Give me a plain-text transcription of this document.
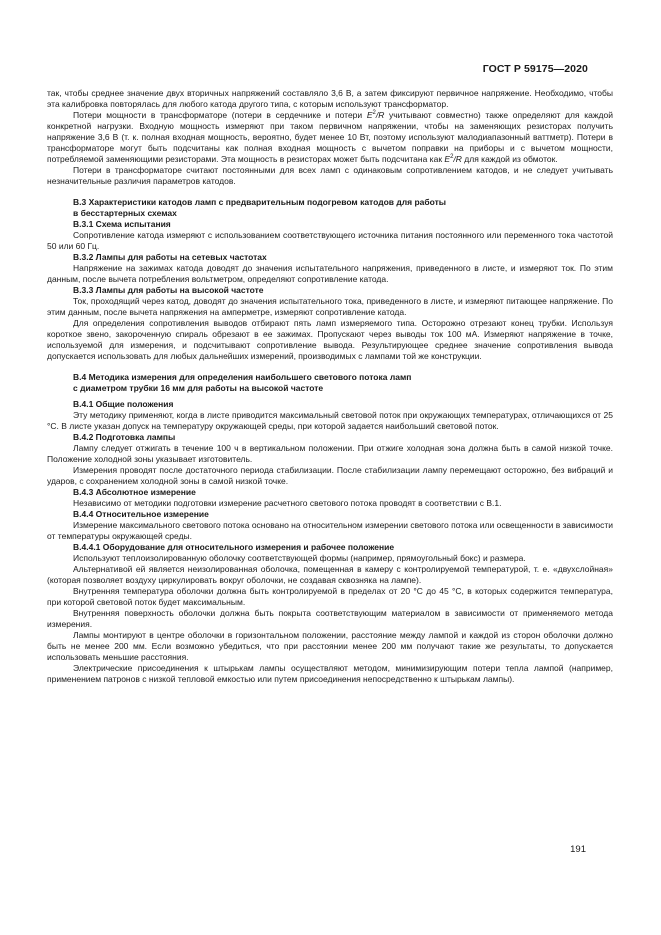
ГОСТ Р 59175—2020

так, чтобы среднее значение двух вторичных напряжений составляло 3,6 В, а затем фиксируют первичное напряжение. Необходимо, чтобы эта калибровка повторялась для любого катода другого типа, с которым используют трансформатор.

Потери мощности в трансформаторе (потери в сердечнике и потери $E^2/R$ учитывают совместно) также определяют для каждой конкретной нагрузки. Входную мощность измеряют при таком первичном напряжении, чтобы на заменяющих резисторах получить напряжение 3,6 В (т. к. полная входная мощность, вероятно, будет менее 10 Вт, поэтому используют малодиапазонный ваттметр). Потери в трансформаторе могут быть подсчитаны как полная входная мощность с вычетом поправки на приборы и с вычетом мощности, потребляемой заменяющими резисторами. Эта мощность в резисторах может быть подсчитана как $E^2/R$ для каждой из обмоток.

Потери в трансформаторе считают постоянными для всех ламп с одинаковым сопротивлением катодов, и не следует учитывать незначительные различия параметров катодов.

В.3 Характеристики катодов ламп с предварительным подогревом катодов для работы
в бесстартерных схемах
В.3.1 Схема испытания

Сопротивление катода измеряют с использованием соответствующего источника питания постоянного или переменного тока частотой 50 или 60 Гц.

В.3.2 Лампы для работы на сетевых частотах

Напряжение на зажимах катода доводят до значения испытательного напряжения, приведенного в листе, и измеряют ток. По этим данным, после вычета потребления вольтметром, определяют сопротивление катода.

В.3.3 Лампы для работы на высокой частоте

Ток, проходящий через катод, доводят до значения испытательного тока, приведенного в листе, и измеряют питающее напряжение. По этим данным, после вычета напряжения на амперметре, измеряют сопротивление катода.

Для определения сопротивления выводов отбирают пять ламп измеряемого типа. Осторожно отрезают конец трубки. Используя короткое звено, закороченную спираль обрезают в ее зажимах. Пропускают через выводы ток 100 мА. Измеряют напряжение в точке, используемой для измерения, и подсчитывают сопротивление вывода. Результирующее среднее значение сопротивления вывода допускается использовать для любых дальнейших измерений, производимых с лампами той же конструкции.

В.4 Методика измерения для определения наибольшего светового потока ламп
с диаметром трубки 16 мм для работы на высокой частоте
В.4.1 Общие положения

Эту методику применяют, когда в листе приводится максимальный световой поток при окружающих температурах, отличающихся от 25 °С. В листе указан допуск на температуру окружающей среды, при которой задается наибольший световой поток.

В.4.2 Подготовка лампы

Лампу следует отжигать в течение 100 ч в вертикальном положении. При отжиге холодная зона должна быть в самой низкой точке. Положение холодной зоны указывает изготовитель.

Измерения проводят после достаточного периода стабилизации. После стабилизации лампу перемещают осторожно, без вибраций и ударов, с сохранением холодной зоны в самой низкой точке.

В.4.3 Абсолютное измерение

Независимо от методики подготовки измерение расчетного светового потока проводят в соответствии с В.1.

В.4.4 Относительное измерение

Измерение максимального светового потока основано на относительном измерении светового потока или освещенности в зависимости от температуры окружающей среды.

В.4.4.1 Оборудование для относительного измерения и рабочее положение

Используют теплоизолированную оболочку соответствующей формы (например, прямоугольный бокс) и размера.

Альтернативой ей является неизолированная оболочка, помещенная в камеру с контролируемой температурой, т. е. «двухслойная» (которая позволяет воздуху циркулировать вокруг оболочки, не создавая сквозняка на лампе).

Внутренняя температура оболочки должна быть контролируемой в пределах от 20 °С до 45 °С, в которых содержится температура, при которой световой поток будет максимальным.

Внутренняя поверхность оболочки должна быть покрыта соответствующим материалом в зависимости от применяемого метода измерения.

Лампы монтируют в центре оболочки в горизонтальном положении, расстояние между лампой и каждой из сторон оболочки должно быть не менее 200 мм. Если возможно убедиться, что при расстоянии менее 200 мм получают такие же результаты, то допускается использовать меньшие расстояния.

Электрические присоединения к штырькам лампы осуществляют методом, минимизирующим потери тепла лампой (например, применением патронов с низкой тепловой емкостью или путем присоединения непосредственно к штырькам лампы).

191
